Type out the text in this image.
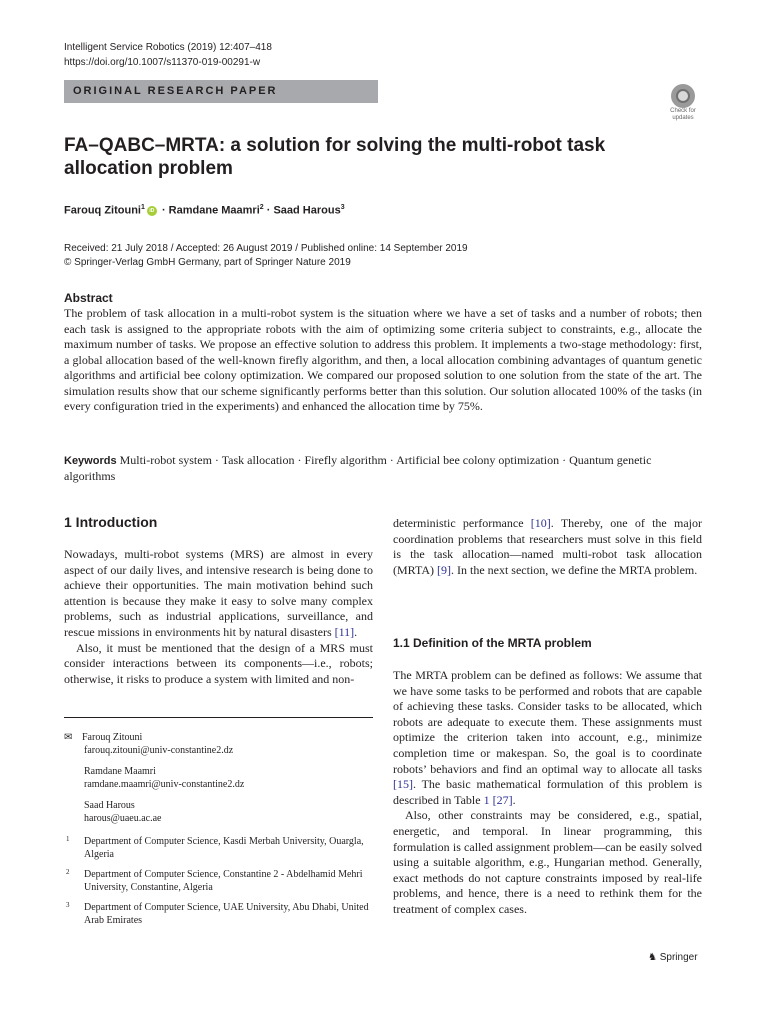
Intelligent Service Robotics (2019) 12:407–418
https://doi.org/10.1007/s11370-019-00291-w
ORIGINAL RESEARCH PAPER
Check for updates
FA–QABC–MRTA: a solution for solving the multi-robot task allocation problem
Farouq Zitouni$^1$ iD · Ramdane Maamri$^2$ · Saad Harous$^3$
Received: 21 July 2018 / Accepted: 26 August 2019 / Published online: 14 September 2019
© Springer-Verlag GmbH Germany, part of Springer Nature 2019
Abstract
The problem of task allocation in a multi-robot system is the situation where we have a set of tasks and a number of robots; then each task is assigned to the appropriate robots with the aim of optimizing some criteria subject to constraints, e.g., allocate the maximum number of tasks. We propose an effective solution to address this problem. It implements a two-stage methodology: first, a global allocation based of the well-known firefly algorithm, and then, a local allocation combining advantages of quantum genetic algorithms and artificial bee colony optimization. We compared our proposed solution to one solution from the state of the art. The simulation results show that our scheme significantly performs better than this solution. Our solution allocated 100% of the tasks (in every configuration tried in the experiments) and enhanced the allocation time by 75%.
Keywords Multi-robot system · Task allocation · Firefly algorithm · Artificial bee colony optimization · Quantum genetic algorithms
1 Introduction

Nowadays, multi-robot systems (MRS) are almost in every aspect of our daily lives, and intensive research is being done to achieve their opportunities. The main motivation behind such attention is because they make it easy to solve many complex problems, such as industrial applications, surveillance, and rescue missions in environments hit by natural disasters [11].

Also, it must be mentioned that the design of a MRS must consider interactions between its components—i.e., robots; otherwise, it risks to produce a system with limited and non-

deterministic performance [10]. Thereby, one of the major coordination problems that researchers must solve in this field is the task allocation—named multi-robot task allocation (MRTA) [9]. In the next section, we define the MRTA problem.

1.1 Definition of the MRTA problem

The MRTA problem can be defined as follows: We assume that we have some tasks to be performed and robots that are capable of achieving these tasks. Consider tasks to be allocated, which robots are adequate to execute them. These assignments must optimize the criterion taken into account, e.g., minimize completion time or makespan. So, the goal is to coordinate robots’ behaviors and find an optimal way to allocate all tasks [15]. The basic mathematical formulation of this problem is described in Table 1 [27].

Also, other constraints may be considered, e.g., spatial, energetic, and temporal. In linear programming, this formulation is called assignment problem—can be easily solved using a suitable algorithm, e.g., Hungarian method. Generally, exact methods do not capture constraints imposed by real-life problems, and hence, there is a need to rethink them for the treatment of complex cases.

✉ Farouq Zitouni
farouq.zitouni@univ-constantine2.dz
Ramdane Maamri
ramdane.maamri@univ-constantine2.dz
Saad Harous
harous@uaeu.ac.ae
1 Department of Computer Science, Kasdi Merbah University, Ouargla, Algeria
2 Department of Computer Science, Constantine 2 - Abdelhamid Mehri University, Constantine, Algeria
3 Department of Computer Science, UAE University, Abu Dhabi, United Arab Emirates
♞ Springer
